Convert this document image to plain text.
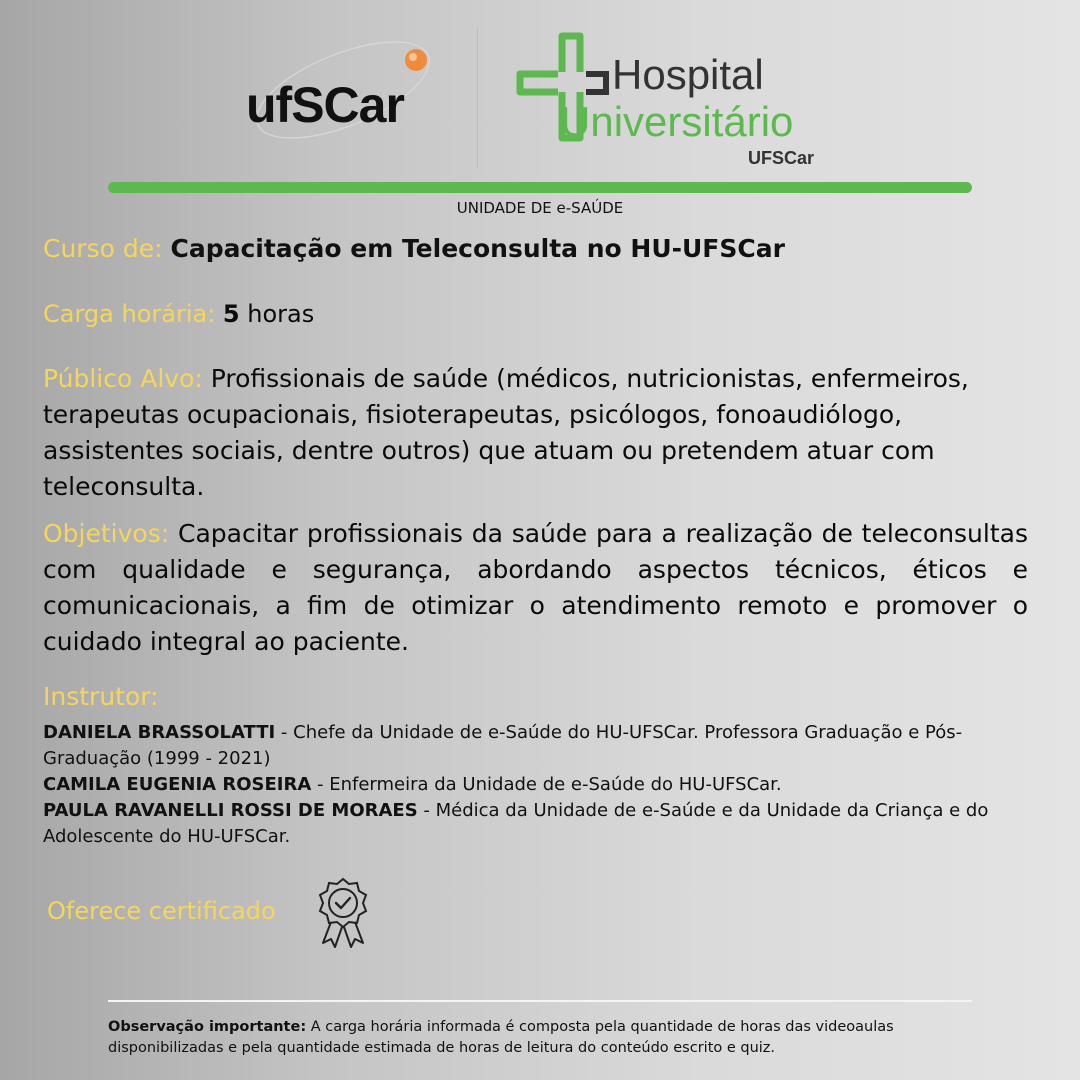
ufSCar
Hospital
Universitário
UFSCar
UNIDADE DE e-SAÚDE
Curso de: Capacitação em Teleconsulta no HU-UFSCar
Carga horária: 5 horas
Público Alvo: Profissionais de saúde (médicos, nutricionistas, enfermeiros, terapeutas ocupacionais, fisioterapeutas, psicólogos, fonoaudiólogo, assistentes sociais, dentre outros) que atuam ou pretendem atuar com teleconsulta.
Objetivos: Capacitar profissionais da saúde para a realização de teleconsultas com qualidade e segurança, abordando aspectos técnicos, éticos e comunicacionais, a fim de otimizar o atendimento remoto e promover o cuidado integral ao paciente.
Instrutor:
DANIELA BRASSOLATTI - Chefe da Unidade de e-Saúde do HU-UFSCar. Professora Graduação e Pós-Graduação (1999 - 2021)
CAMILA EUGENIA ROSEIRA - Enfermeira da Unidade de e-Saúde do HU-UFSCar.
PAULA RAVANELLI ROSSI DE MORAES - Médica da Unidade de e-Saúde e da Unidade da Criança e do Adolescente do HU-UFSCar.
Oferece certificado
Observação importante: A carga horária informada é composta pela quantidade de horas das videoaulas disponibilizadas e pela quantidade estimada de horas de leitura do conteúdo escrito e quiz.
